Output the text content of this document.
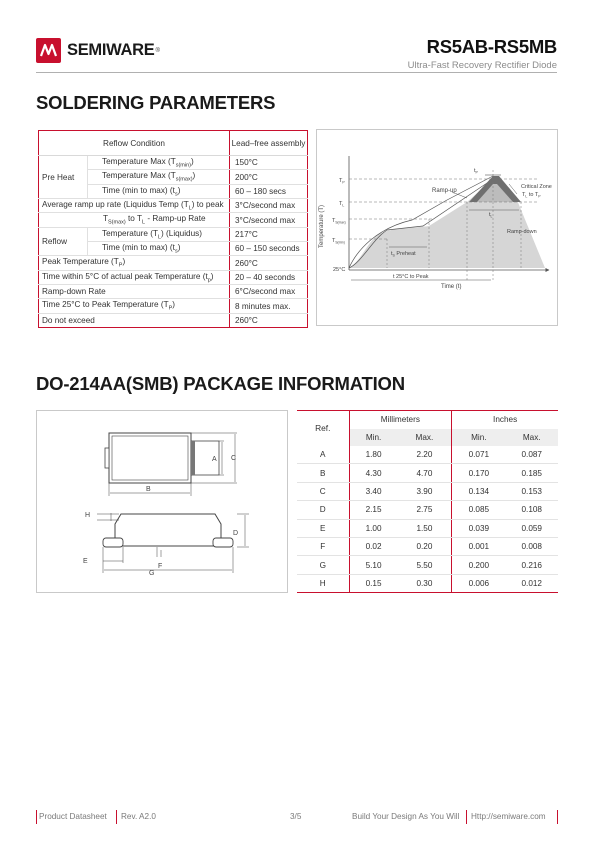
SEMIWARE ®	RS5AB-RS5MB
Ultra-Fast Recovery Rectifier Diode
SOLDERING PARAMETERS
Reflow Condition		Lead–free assembly
Pre Heat	Temperature Max $(T_{s(min)})$	150°C
	Temperature Max $(T_{s(max)})$	200°C
	Time (min to max) $(t_s)$	60 – 180 secs
Average ramp up rate (Liquidus Temp $(T_L)$ to peak		3°C/second max
$T_{S(max)}$ to $T_L$ - Ramp-up Rate		3°C/second max
Reflow	Temperature $(T_L)$ (Liquidus)	217°C
	Time (min to max) $(t_s)$	60 – 150 seconds
Peak Temperature $(T_P)$		260°C
Time within 5°C of actual peak Temperature $(t_p)$		20 – 40 seconds
Ramp-down Rate		6°C/second max
Time 25°C to Peak Temperature $(T_P)$		8 minutes max.
Do not exceed		260°C
Temperature (T)
Time (t)
$T_P$
$T_L$
$T_{S(max)}$
$T_{S(min)}$
25°C
Ramp-up
Ramp-down
Critical Zone
$T_L$ to $T_P$
$t_P$
$t_L$
$t_S$ Preheat
t 25°C to Peak
DO-214AA(SMB) PACKAGE INFORMATION
A C
B
H
D
E
F
G
Ref.	Millimeters		Inches	
	Min.	Max.	Min.	Max.
A	1.80	2.20	0.071	0.087
B	4.30	4.70	0.170	0.185
C	3.40	3.90	0.134	0.153
D	2.15	2.75	0.085	0.108
E	1.00	1.50	0.039	0.059
F	0.02	0.20	0.001	0.008
G	5.10	5.50	0.200	0.216
H	0.15	0.30	0.006	0.012
Product Datasheet Rev. A2.0	3/5	Build Your Design As You Will Http://semiware.com
